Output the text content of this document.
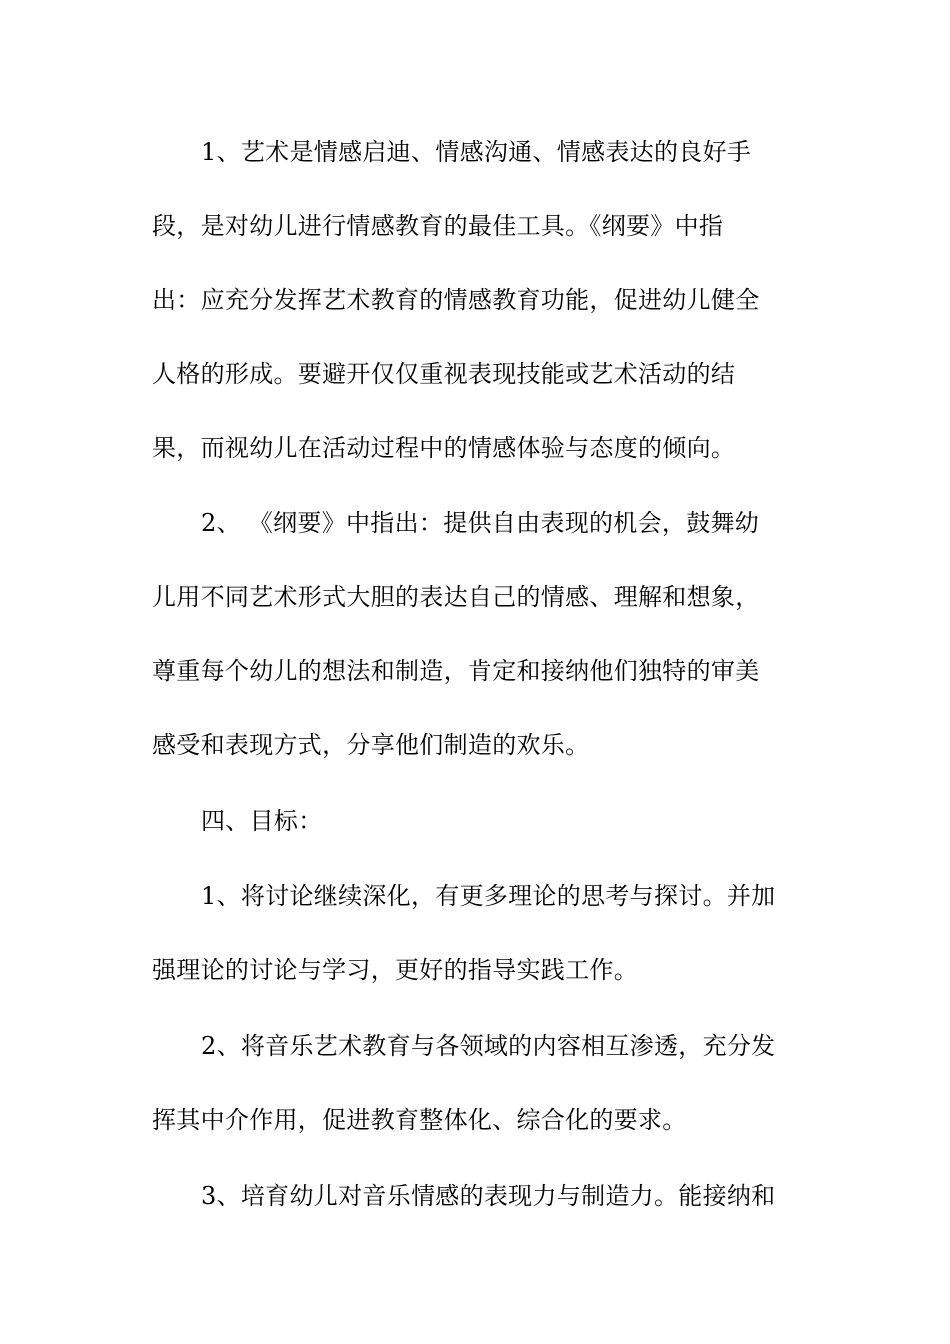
1、艺术是情感启迪、情感沟通、情感表达的良好手
段，是对幼儿进行情感教育的最佳工具。《纲要》中指
出：应充分发挥艺术教育的情感教育功能，促进幼儿健全
人格的形成。要避开仅仅重视表现技能或艺术活动的结
果，而视幼儿在活动过程中的情感体验与态度的倾向。
2、 《纲要》中指出：提供自由表现的机会，鼓舞幼
儿用不同艺术形式大胆的表达自己的情感、理解和想象，
尊重每个幼儿的想法和制造，肯定和接纳他们独特的审美
感受和表现方式，分享他们制造的欢乐。
四、目标：
1、将讨论继续深化，有更多理论的思考与探讨。并加
强理论的讨论与学习，更好的指导实践工作。
2、将音乐艺术教育与各领域的内容相互渗透，充分发
挥其中介作用，促进教育整体化、综合化的要求。
3、培育幼儿对音乐情感的表现力与制造力。能接纳和
